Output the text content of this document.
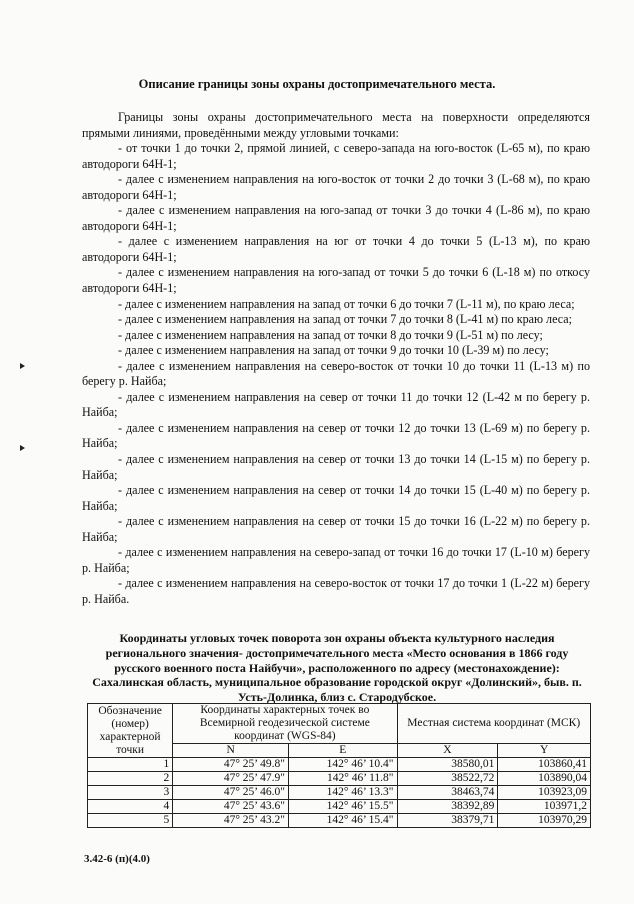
Описание границы зоны охраны достопримечательного места.

Границы зоны охраны достопримечательного места на поверхности определяются прямыми линиями, проведёнными между угловыми точками:

- от точки 1 до точки 2, прямой линией, с северо-запада на юго-восток (L-65 м), по краю автодороги 64Н-1;

- далее с изменением направления на юго-восток от точки 2 до точки 3 (L-68 м), по краю автодороги 64Н-1;

- далее с изменением направления на юго-запад от точки 3 до точки 4 (L-86 м), по краю автодороги 64Н-1;

- далее с изменением направления на юг от точки 4 до точки 5 (L-13 м), по краю автодороги 64Н-1;

- далее с изменением направления на юго-запад от точки 5 до точки 6 (L-18 м) по откосу автодороги 64Н-1;

- далее с изменением направления на запад от точки 6 до точки 7 (L-11 м), по краю леса;

- далее с изменением направления на запад от точки 7 до точки 8 (L-41 м) по краю леса;

- далее с изменением направления на запад от точки 8 до точки 9 (L-51 м) по лесу;

- далее с изменением направления на запад от точки 9 до точки 10 (L-39 м) по лесу;

- далее с изменением направления на северо-восток от точки 10 до точки 11 (L-13 м) по берегу р. Найба;

- далее с изменением направления на север от точки 11 до точки 12 (L-42 м по берегу р. Найба;

- далее с изменением направления на север от точки 12 до точки 13 (L-69 м) по берегу р. Найба;

- далее с изменением направления на север от точки 13 до точки 14 (L-15 м) по берегу р. Найба;

- далее с изменением направления на север от точки 14 до точки 15 (L-40 м) по берегу р. Найба;

- далее с изменением направления на север от точки 15 до точки 16 (L-22 м) по берегу р. Найба;

- далее с изменением направления на северо-запад от точки 16 до точки 17 (L-10 м) берегу р. Найба;

- далее с изменением направления на северо-восток от точки 17 до точки 1 (L-22 м) берегу р. Найба.

Координаты угловых точек поворота зон охраны объекта культурного наследия регионального значения- достопримечательного места «Место основания в 1866 году русского военного поста Найбучи», расположенного по адресу (местонахождение): Сахалинская область, муниципальное образование городской округ «Долинский», быв. п. Усть-Долинка, близ с. Стародубское.
Обозначение (номер) характерной точки	Координаты характерных точек во Всемирной геодезической системе координат (WGS-84)		Местная система координат (МСК)	
	N	E	X	Y
1	47° 25’ 49.8"	142° 46’ 10.4"	38580,01	103860,41
2	47° 25’ 47.9"	142° 46’ 11.8"	38522,72	103890,04
3	47° 25’ 46.0"	142° 46’ 13.3"	38463,74	103923,09
4	47° 25’ 43.6"	142° 46’ 15.5"	38392,89	103971,2
5	47° 25’ 43.2"	142° 46’ 15.4"	38379,71	103970,29
3.42-6 (п)(4.0)
